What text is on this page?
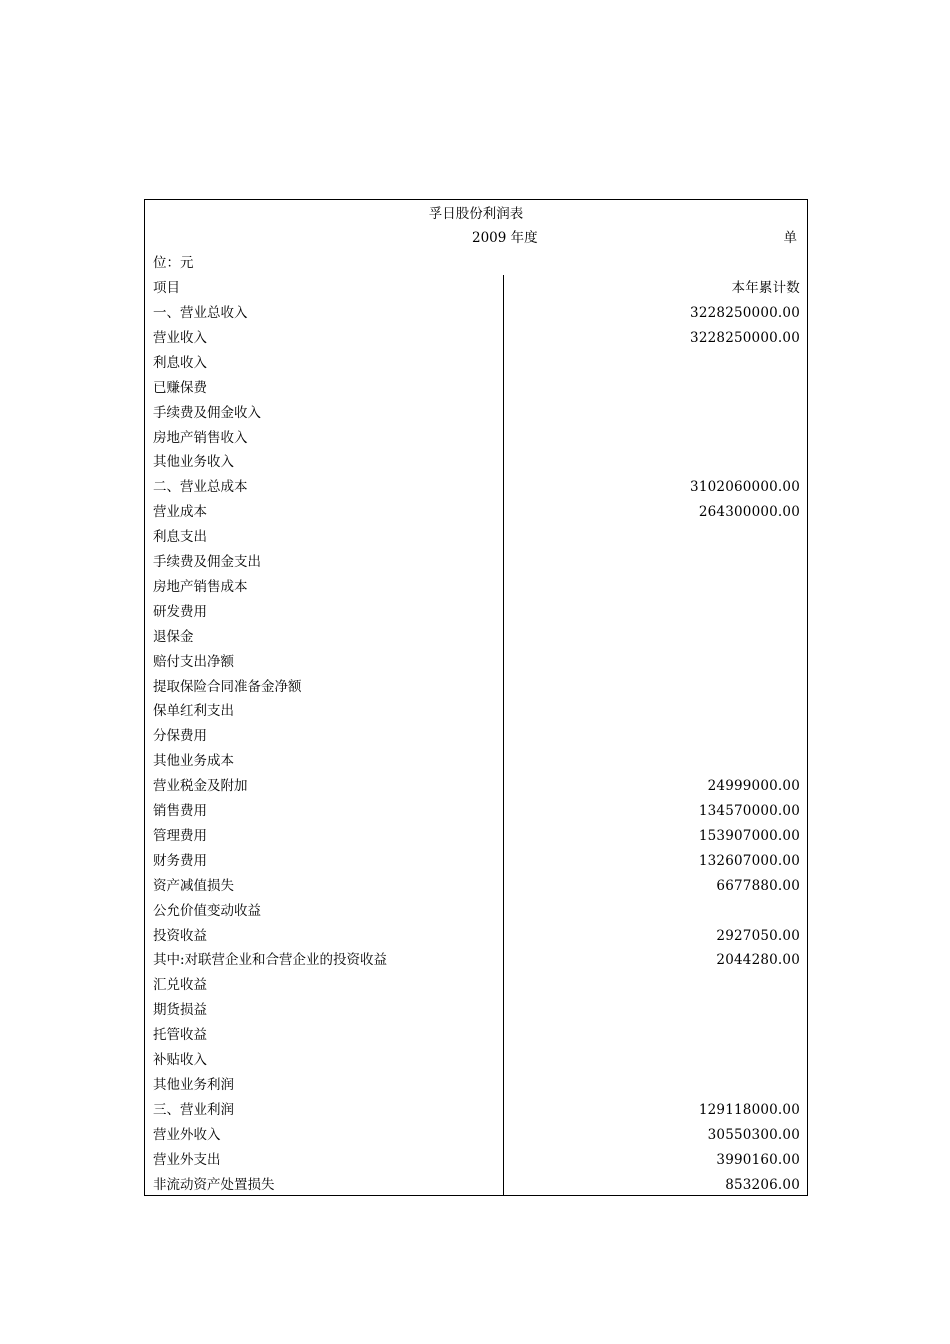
孚日股份利润表
2009 年度	单
位：元
项目	本年累计数
一、营业总收入	3228250000.00
营业收入	3228250000.00
利息收入
已赚保费
手续费及佣金收入
房地产销售收入
其他业务收入
二、营业总成本	3102060000.00
营业成本	264300000.00
利息支出
手续费及佣金支出
房地产销售成本
研发费用
退保金
赔付支出净额
提取保险合同准备金净额
保单红利支出
分保费用
其他业务成本
营业税金及附加	24999000.00
销售费用	134570000.00
管理费用	153907000.00
财务费用	132607000.00
资产减值损失	6677880.00
公允价值变动收益
投资收益	2927050.00
其中:对联营企业和合营企业的投资收益	2044280.00
汇兑收益
期货损益
托管收益
补贴收入
其他业务利润
三、营业利润	129118000.00
营业外收入	30550300.00
营业外支出	3990160.00
非流动资产处置损失	853206.00
